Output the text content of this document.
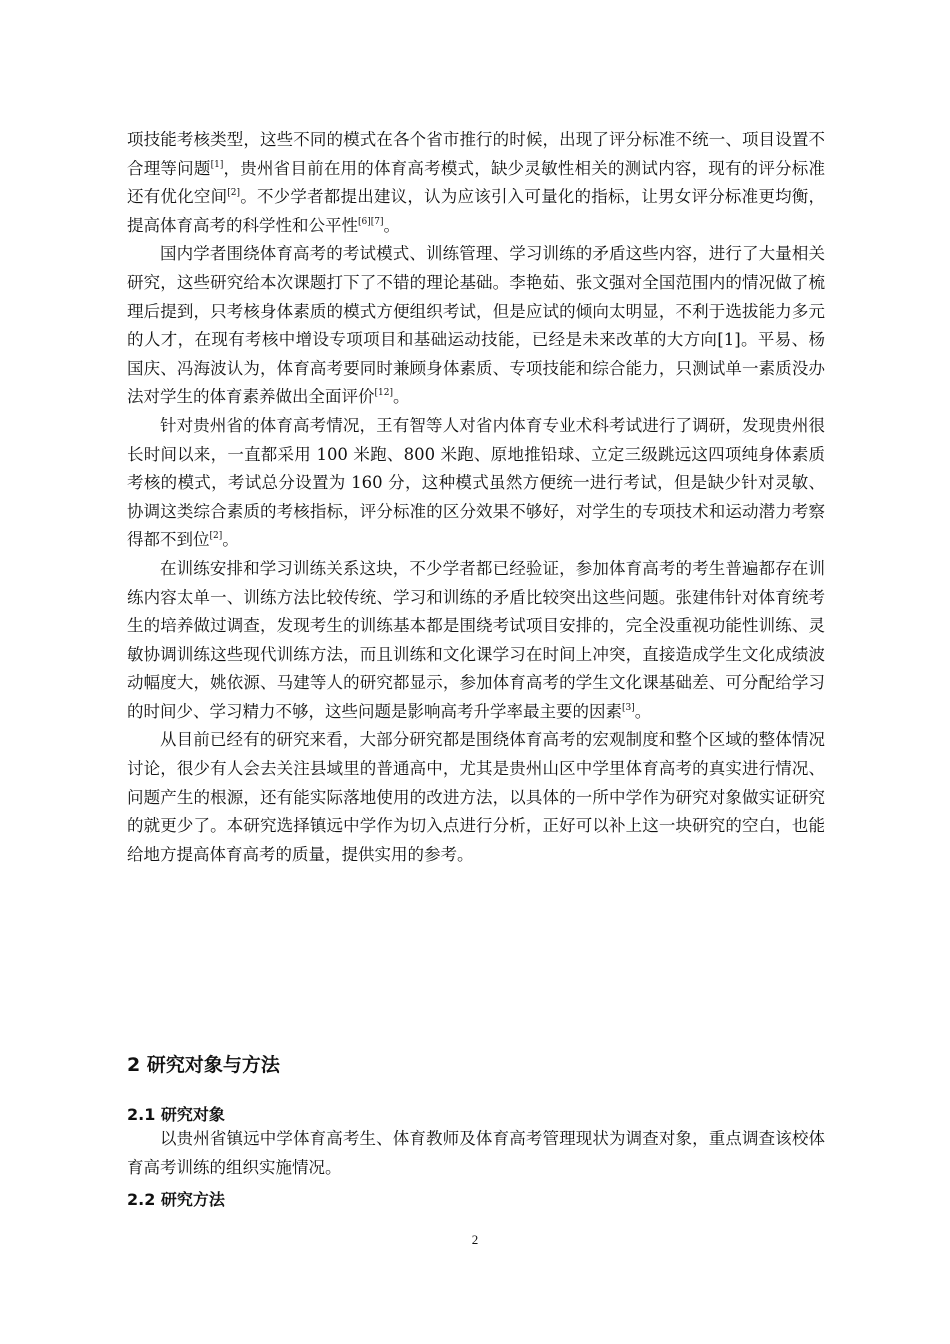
项技能考核类型，这些不同的模式在各个省市推行的时候，出现了评分标准不统一、项目设置不合理等问题[1]，贵州省目前在用的体育高考模式，缺少灵敏性相关的测试内容，现有的评分标准还有优化空间[2]。不少学者都提出建议，认为应该引入可量化的指标，让男女评分标准更均衡，提高体育高考的科学性和公平性[6][7]。

国内学者围绕体育高考的考试模式、训练管理、学习训练的矛盾这些内容，进行了大量相关研究，这些研究给本次课题打下了不错的理论基础。李艳茹、张文强对全国范围内的情况做了梳理后提到，只考核身体素质的模式方便组织考试，但是应试的倾向太明显，不利于选拔能力多元的人才，在现有考核中增设专项项目和基础运动技能，已经是未来改革的大方向[1]。平易、杨国庆、冯海波认为，体育高考要同时兼顾身体素质、专项技能和综合能力，只测试单一素质没办法对学生的体育素养做出全面评价[12]。

针对贵州省的体育高考情况，王有智等人对省内体育专业术科考试进行了调研，发现贵州很长时间以来，一直都采用 100 米跑、800 米跑、原地推铅球、立定三级跳远这四项纯身体素质考核的模式，考试总分设置为 160 分，这种模式虽然方便统一进行考试，但是缺少针对灵敏、协调这类综合素质的考核指标，评分标准的区分效果不够好，对学生的专项技术和运动潜力考察得都不到位[2]。

在训练安排和学习训练关系这块，不少学者都已经验证，参加体育高考的考生普遍都存在训练内容太单一、训练方法比较传统、学习和训练的矛盾比较突出这些问题。张建伟针对体育统考生的培养做过调查，发现考生的训练基本都是围绕考试项目安排的，完全没重视功能性训练、灵敏协调训练这些现代训练方法，而且训练和文化课学习在时间上冲突，直接造成学生文化成绩波动幅度大，姚依源、马建等人的研究都显示，参加体育高考的学生文化课基础差、可分配给学习的时间少、学习精力不够，这些问题是影响高考升学率最主要的因素[3]。

从目前已经有的研究来看，大部分研究都是围绕体育高考的宏观制度和整个区域的整体情况讨论，很少有人会去关注县域里的普通高中，尤其是贵州山区中学里体育高考的真实进行情况、问题产生的根源，还有能实际落地使用的改进方法，以具体的一所中学作为研究对象做实证研究的就更少了。本研究选择镇远中学作为切入点进行分析，正好可以补上这一块研究的空白，也能给地方提高体育高考的质量，提供实用的参考。

2 研究对象与方法
2.1 研究对象

以贵州省镇远中学体育高考生、体育教师及体育高考管理现状为调查对象，重点调查该校体育高考训练的组织实施情况。

2.2 研究方法
2
